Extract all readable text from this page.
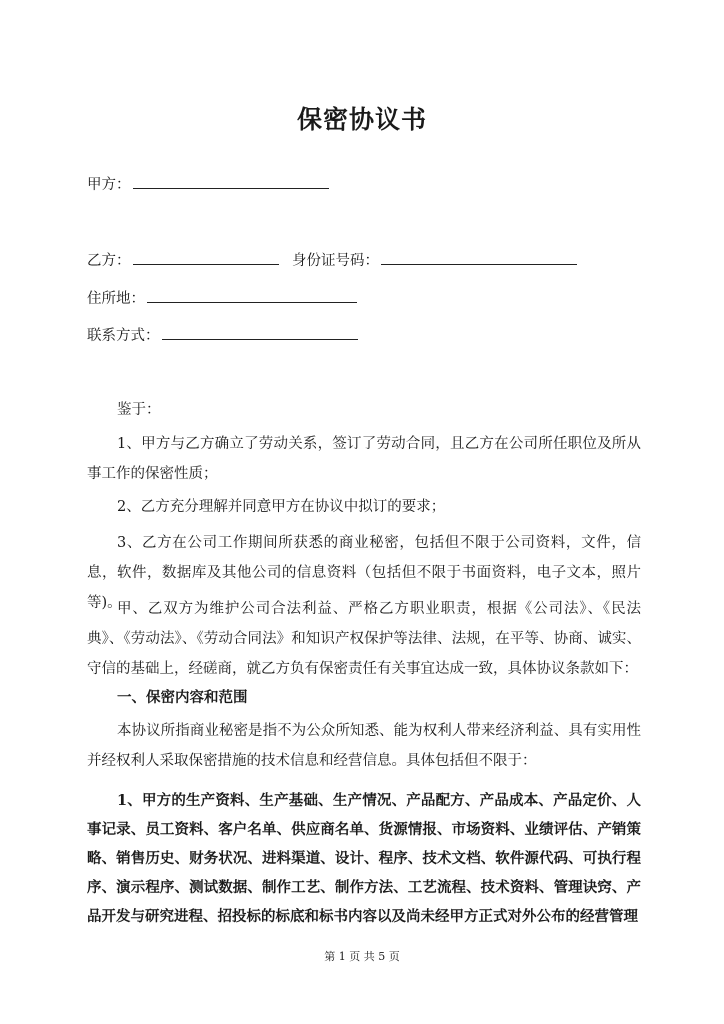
保密协议书
甲方：
乙方：	身份证号码：
住所地：
联系方式：
鉴于：
1、甲方与乙方确立了劳动关系，签订了劳动合同，且乙方在公司所任职位及所从事工作的保密性质；
2、乙方充分理解并同意甲方在协议中拟订的要求；
3、乙方在公司工作期间所获悉的商业秘密，包括但不限于公司资料，文件，信息，软件，数据库及其他公司的信息资料（包括但不限于书面资料，电子文本，照片等)。
甲、乙双方为维护公司合法利益、严格乙方职业职责，根据《公司法》、《民法典》、《劳动法》、《劳动合同法》和知识产权保护等法律、法规，在平等、协商、诚实、守信的基础上，经磋商，就乙方负有保密责任有关事宜达成一致，具体协议条款如下：
一、保密内容和范围
本协议所指商业秘密是指不为公众所知悉、能为权利人带来经济利益、具有实用性并经权利人采取保密措施的技术信息和经营信息。具体包括但不限于：
1、甲方的生产资料、生产基础、生产情况、产品配方、产品成本、产品定价、人事记录、员工资料、客户名单、供应商名单、货源情报、市场资料、业绩评估、产销策略、销售历史、财务状况、进料渠道、设计、程序、技术文档、软件源代码、可执行程序、演示程序、测试数据、制作工艺、制作方法、工艺流程、技术资料、管理诀窍、产品开发与研究进程、招投标的标底和标书内容以及尚未经甲方正式对外公布的经营管理
第 1 页 共 5 页
